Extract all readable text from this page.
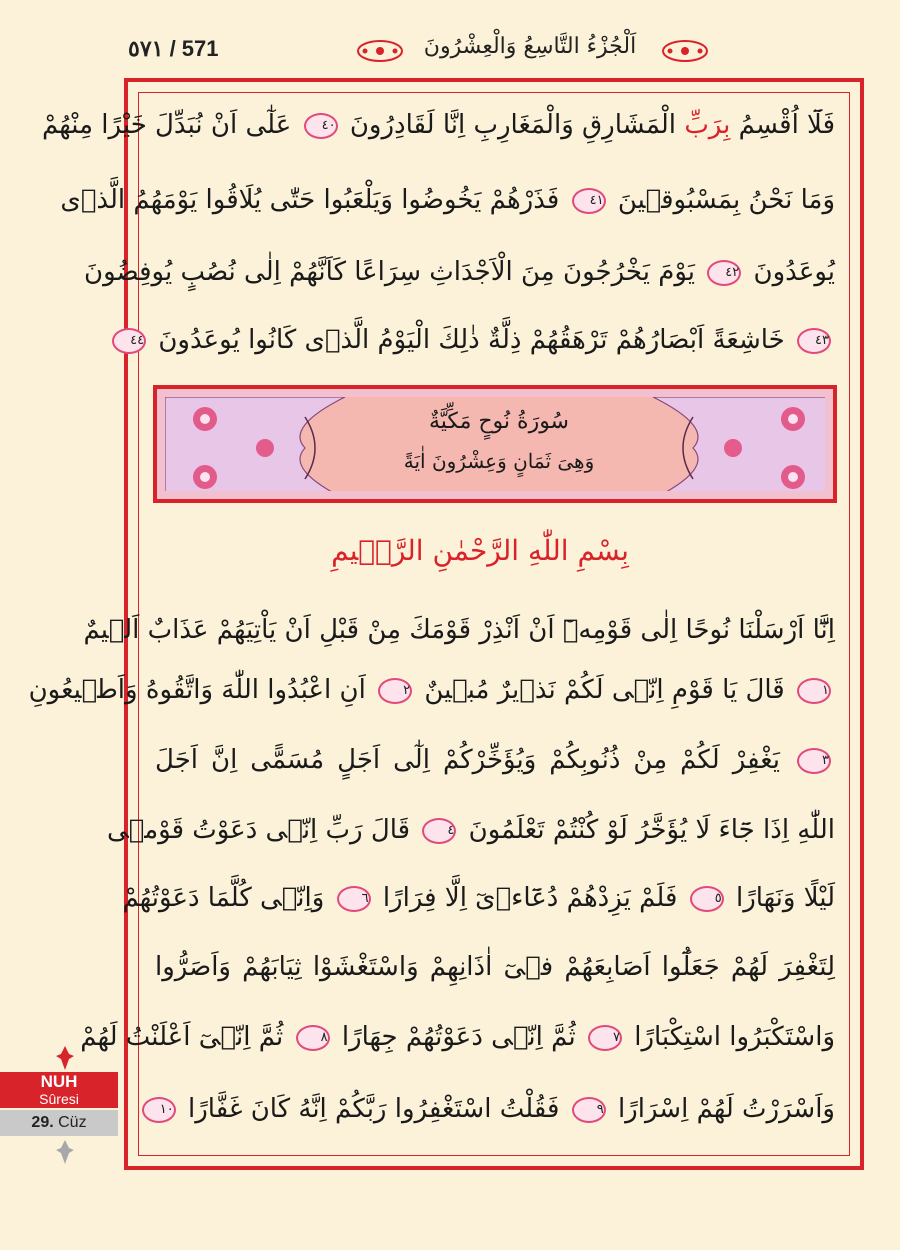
٥٧١ / 571	اَلْجُزْءُ التَّاسِعُ وَالْعِشْرُونَ
فَلَٓا اُقْسِمُ بِرَبِّ الْمَشَارِقِ وَالْمَغَارِبِ اِنَّا لَقَادِرُونَ ٤٠ عَلٰٓى اَنْ نُبَدِّلَ خَيْرًا مِنْهُمْ
وَمَا نَحْنُ بِمَسْبُوقٖينَ ٤١ فَذَرْهُمْ يَخُوضُوا وَيَلْعَبُوا حَتّٰى يُلَاقُوا يَوْمَهُمُ الَّذٖى
يُوعَدُونَ ٤٢ يَوْمَ يَخْرُجُونَ مِنَ الْاَجْدَاثِ سِرَاعًا كَاَنَّهُمْ اِلٰى نُصُبٍ يُوفِضُونَ
٤٣ خَاشِعَةً اَبْصَارُهُمْ تَرْهَقُهُمْ ذِلَّةٌ ذٰلِكَ الْيَوْمُ الَّذٖى كَانُوا يُوعَدُونَ ٤٤
سُورَةُ نُوحٍ مَكِّيَّةٌ
وَهِىَ ثَمَانٍ وَعِشْرُونَ اٰيَةً
بِسْمِ اللّٰهِ الرَّحْمٰنِ الرَّحٖيمِ
اِنَّٓا اَرْسَلْنَا نُوحًا اِلٰى قَوْمِهٖٓ اَنْ اَنْذِرْ قَوْمَكَ مِنْ قَبْلِ اَنْ يَاْتِيَهُمْ عَذَابٌ اَلٖيمٌ
١ قَالَ يَا قَوْمِ اِنّٖى لَكُمْ نَذٖيرٌ مُبٖينٌ ٢ اَنِ اعْبُدُوا اللّٰهَ وَاتَّقُوهُ وَاَطٖيعُونِ
٣ يَغْفِرْ لَكُمْ مِنْ ذُنُوبِكُمْ وَيُؤَخِّرْكُمْ اِلٰٓى اَجَلٍ مُسَمًّى اِنَّ اَجَلَ
اللّٰهِ اِذَا جَٓاءَ لَا يُؤَخَّرُ لَوْ كُنْتُمْ تَعْلَمُونَ ٤ قَالَ رَبِّ اِنّٖى دَعَوْتُ قَوْمٖى
لَيْلًا وَنَهَارًا ٥ فَلَمْ يَزِدْهُمْ دُعَٓاءٖىٓ اِلَّا فِرَارًا ٦ وَاِنّٖى كُلَّمَا دَعَوْتُهُمْ
لِتَغْفِرَ لَهُمْ جَعَلُٓوا اَصَابِعَهُمْ فٖىٓ اٰذَانِهِمْ وَاسْتَغْشَوْا ثِيَابَهُمْ وَاَصَرُّوا
وَاسْتَكْبَرُوا اسْتِكْبَارًا ٧ ثُمَّ اِنّٖى دَعَوْتُهُمْ جِهَارًا ٨ ثُمَّ اِنّٖىٓ اَعْلَنْتُ لَهُمْ
وَاَسْرَرْتُ لَهُمْ اِسْرَارًا ٩ فَقُلْتُ اسْتَغْفِرُوا رَبَّكُمْ اِنَّهُ كَانَ غَفَّارًا ١٠
NUH
Sûresi
29. Cüz
